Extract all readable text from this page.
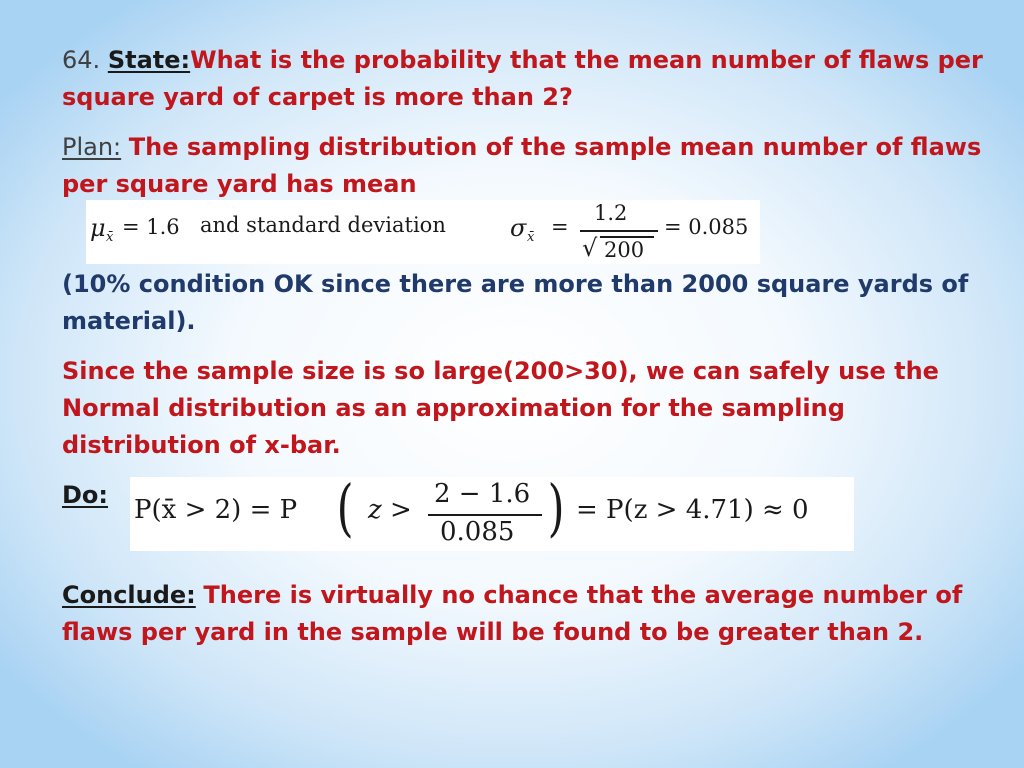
64. State:What is the probability that the mean number of flaws per square yard of carpet is more than 2?

Plan: The sampling distribution of the sample mean number of flaws per square yard has mean

μ x̄ = 1.6 and standard deviation	σ x̄ =
1.2
√ 200
= 0.085

(10% condition OK since there are more than 2000 square yards of material).

Since the sample size is so large(200>30), we can safely use the Normal distribution as an approximation for the sampling distribution of x-bar.

Do: P(x̄ > 2) = P ( z >
2 − 1.6
0.085 ) = P(z > 4.71) ≈ 0

Conclude: There is virtually no chance that the average number of flaws per yard in the sample will be found to be greater than 2.
